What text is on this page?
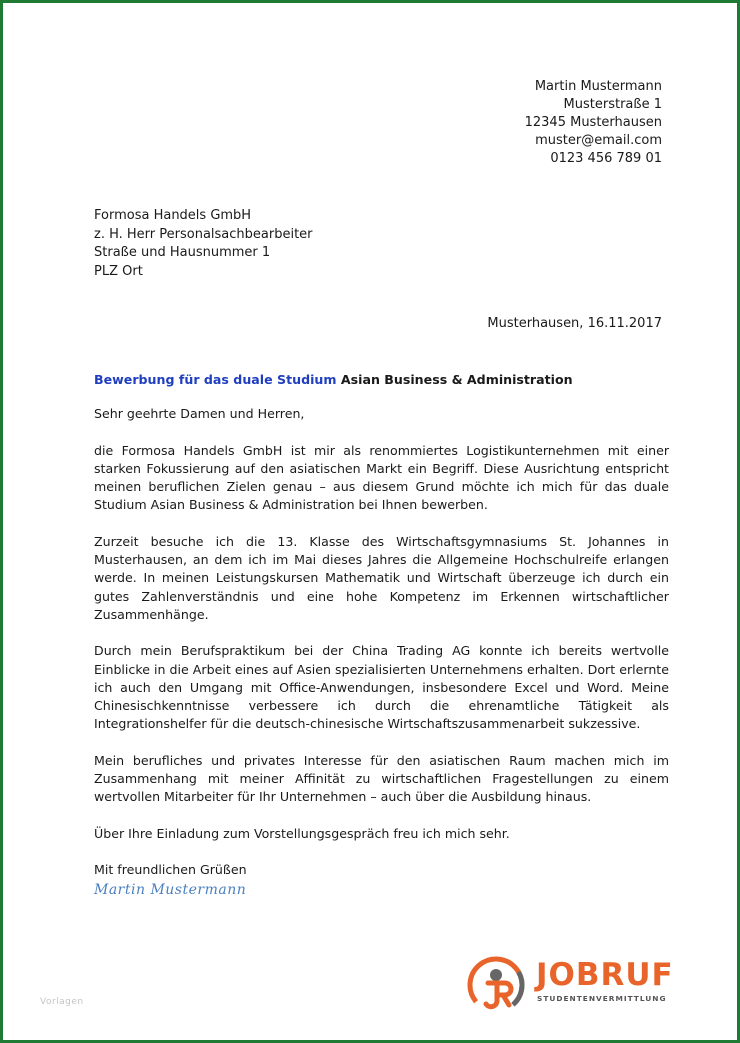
Martin Mustermann
Musterstraße 1
12345 Musterhausen
muster@email.com
0123 456 789 01
Formosa Handels GmbH
z. H. Herr Personalsachbearbeiter
Straße und Hausnummer 1
PLZ Ort
Musterhausen, 16.11.2017
Bewerbung für das duale Studium Asian Business & Administration
Sehr geehrte Damen und Herren,

die Formosa Handels GmbH ist mir als renommiertes Logistikunternehmen mit einer starken Fokussierung auf den asiatischen Markt ein Begriff. Diese Ausrichtung entspricht meinen beruflichen Zielen genau – aus diesem Grund möchte ich mich für das duale Studium Asian Business & Administration bei Ihnen bewerben.

Zurzeit besuche ich die 13. Klasse des Wirtschaftsgymnasiums St. Johannes in Musterhausen, an dem ich im Mai dieses Jahres die Allgemeine Hochschulreife erlangen werde. In meinen Leistungskursen Mathematik und Wirtschaft überzeuge ich durch ein gutes Zahlenverständnis und eine hohe Kompetenz im Erkennen wirtschaftlicher Zusammenhänge.

Durch mein Berufspraktikum bei der China Trading AG konnte ich bereits wertvolle Einblicke in die Arbeit eines auf Asien spezialisierten Unternehmens erhalten. Dort erlernte ich auch den Umgang mit Office-Anwendungen, insbesondere Excel und Word. Meine Chinesischkenntnisse verbessere ich durch die ehrenamtliche Tätigkeit als Integrationshelfer für die deutsch-chinesische Wirtschaftszusammenarbeit sukzessive.

Mein berufliches und privates Interesse für den asiatischen Raum machen mich im Zusammenhang mit meiner Affinität zu wirtschaftlichen Fragestellungen zu einem wertvollen Mitarbeiter für Ihr Unternehmen – auch über die Ausbildung hinaus.

Über Ihre Einladung zum Vorstellungsgespräch freu ich mich sehr.

Mit freundlichen Grüßen
Martin Mustermann
Vorlagen
JOBRUF
STUDENTENVERMITTLUNG
